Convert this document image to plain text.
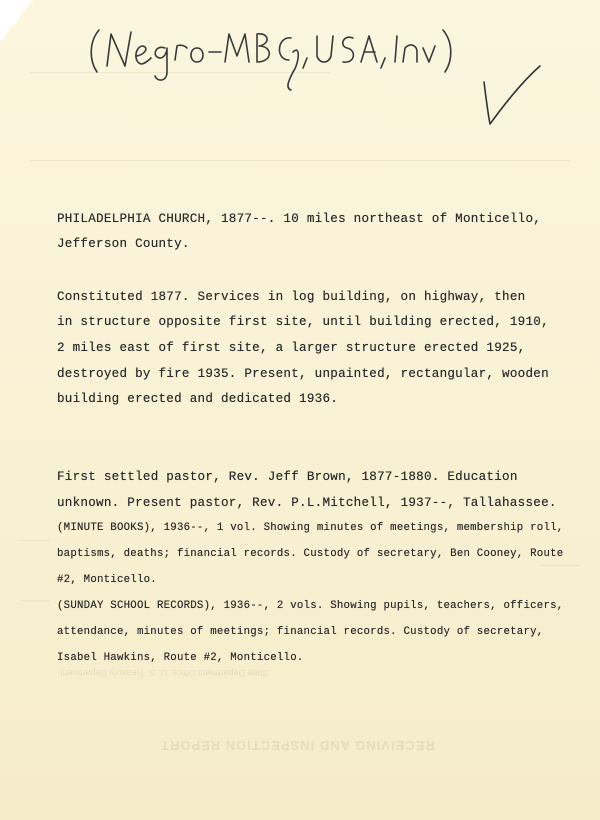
RECEIVING AND INSPECTION REPORT
State Department Office, U. S. Treasury Department
PHILADELPHIA CHURCH, 1877--. 10 miles northeast of Monticello,
Jefferson County.
Constituted 1877. Services in log building, on highway, then
in structure opposite first site, until building erected, 1910,
2 miles east of first site, a larger structure erected 1925,
destroyed by fire 1935. Present, unpainted, rectangular, wooden
building erected and dedicated 1936.
First settled pastor, Rev. Jeff Brown, 1877-1880. Education
unknown. Present pastor, Rev. P.L.Mitchell, 1937--, Tallahassee.
(MINUTE BOOKS), 1936--, 1 vol. Showing minutes of meetings, membership roll,
baptisms, deaths; financial records. Custody of secretary, Ben Cooney, Route
#2, Monticello.
(SUNDAY SCHOOL RECORDS), 1936--, 2 vols. Showing pupils, teachers, officers,
attendance, minutes of meetings; financial records. Custody of secretary,
Isabel Hawkins, Route #2, Monticello.
